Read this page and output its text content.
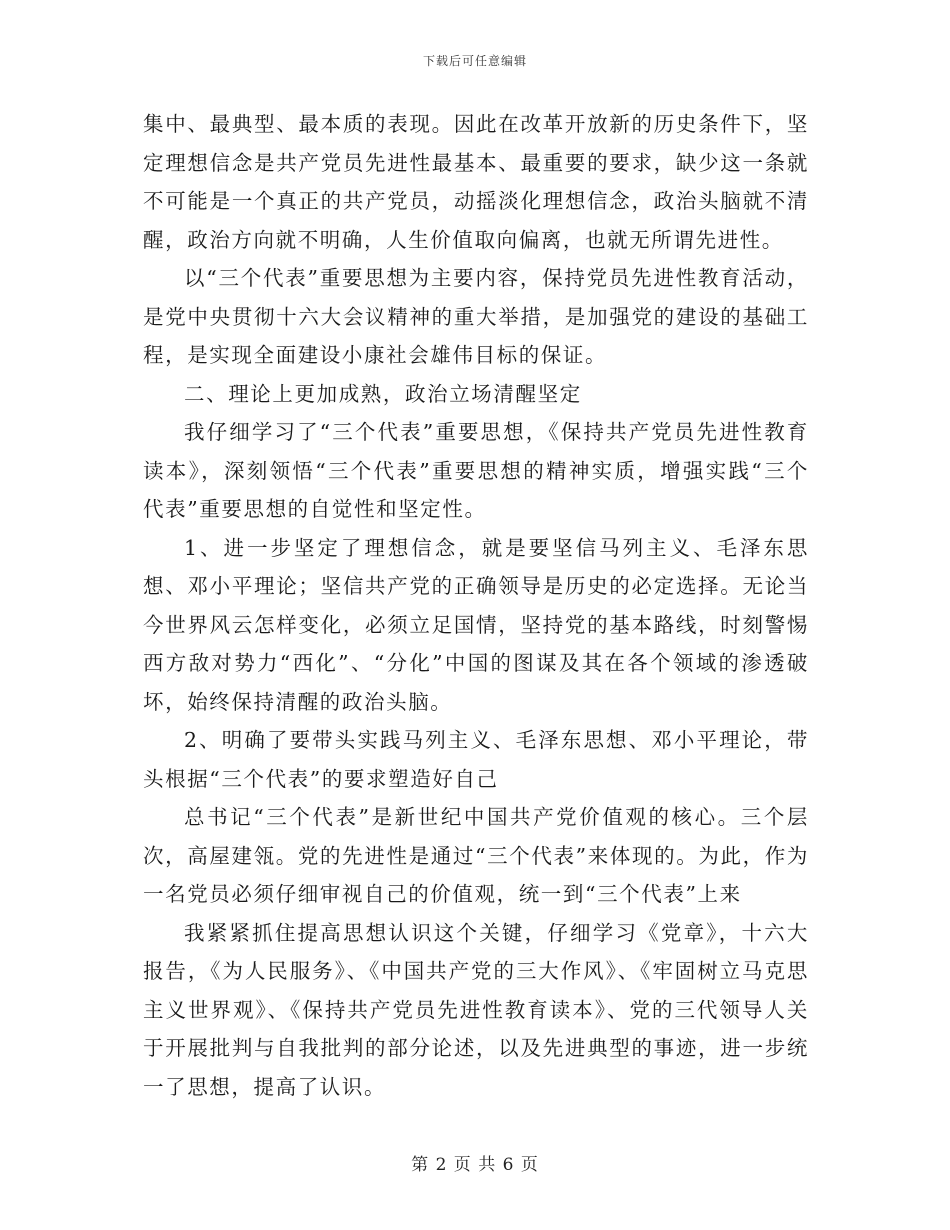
下载后可任意编辑

集中、最典型、最本质的表现。因此在改革开放新的历史条件下，坚定理想信念是共产党员先进性最基本、最重要的要求，缺少这一条就不可能是一个真正的共产党员，动摇淡化理想信念，政治头脑就不清醒，政治方向就不明确，人生价值取向偏离，也就无所谓先进性。

以“三个代表”重要思想为主要内容，保持党员先进性教育活动，是党中央贯彻十六大会议精神的重大举措，是加强党的建设的基础工程，是实现全面建设小康社会雄伟目标的保证。

二、理论上更加成熟，政治立场清醒坚定

我仔细学习了“三个代表”重要思想，《保持共产党员先进性教育读本》，深刻领悟“三个代表”重要思想的精神实质，增强实践“三个代表”重要思想的自觉性和坚定性。

1、进一步坚定了理想信念，就是要坚信马列主义、毛泽东思想、邓小平理论；坚信共产党的正确领导是历史的必定选择。无论当今世界风云怎样变化，必须立足国情，坚持党的基本路线，时刻警惕西方敌对势力“西化”、“分化”中国的图谋及其在各个领域的渗透破坏，始终保持清醒的政治头脑。

2、明确了要带头实践马列主义、毛泽东思想、邓小平理论，带头根据“三个代表”的要求塑造好自己

总书记“三个代表”是新世纪中国共产党价值观的核心。三个层次，高屋建瓴。党的先进性是通过“三个代表”来体现的。为此，作为一名党员必须仔细审视自己的价值观，统一到“三个代表”上来

我紧紧抓住提高思想认识这个关键，仔细学习《党章》，十六大报告，《为人民服务》、《中国共产党的三大作风》、《牢固树立马克思主义世界观》、《保持共产党员先进性教育读本》、党的三代领导人关于开展批判与自我批判的部分论述，以及先进典型的事迹，进一步统一了思想，提高了认识。

第 2 页 共 6 页
